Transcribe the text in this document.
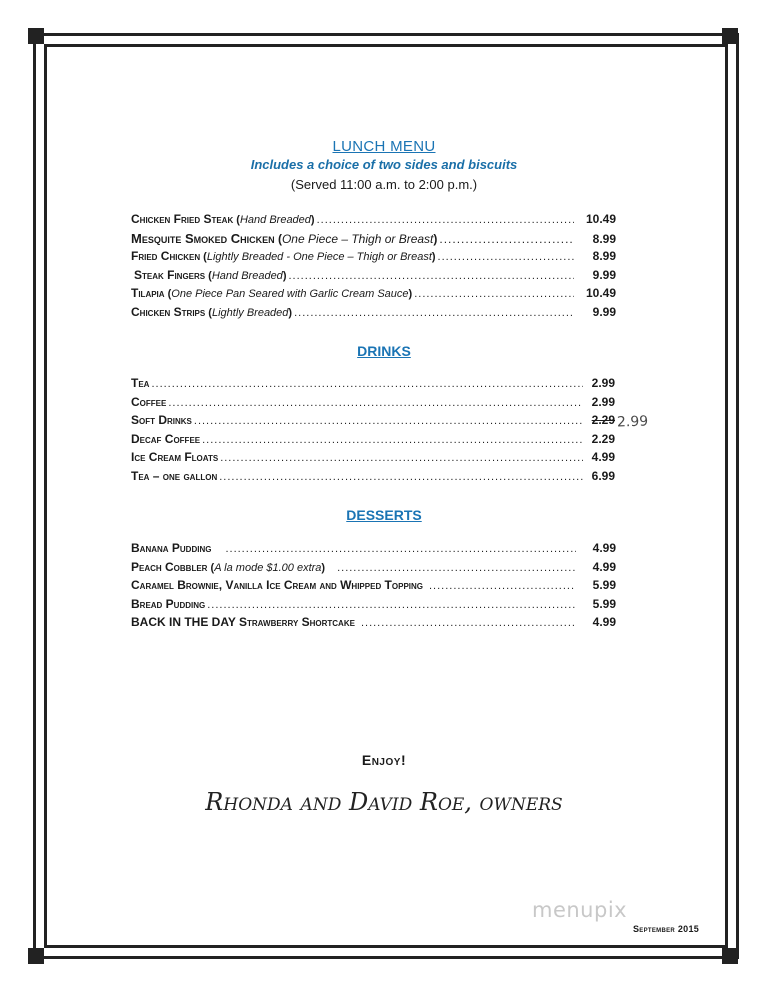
LUNCH MENU
Includes a choice of two sides and biscuits
(Served 11:00 a.m. to 2:00 p.m.)
Chicken Fried Steak ( Hand Breaded ) .....	10.49
Mesquite Smoked Chicken ( One Piece – Thigh or Breast ) .....	8.99
Fried Chicken ( Lightly Breaded - One Piece – Thigh or Breast ) .....	8.99
Steak Fingers ( Hand Breaded ) .....	9.99
Tilapia ( One Piece Pan Seared with Garlic Cream Sauce ) .....	10.49
Chicken Strips ( Lightly Breaded ) .....	9.99
DRINKS
Tea .....	2.99
Coffee .....	2.99
Soft Drinks .....	2.29
Decaf Coffee .....	2.29
Ice Cream Floats .....	4.99
Tea – one gallon .....	6.99
2.99
DESSERTS
Banana Pudding .....	4.99
Peach Cobbler ( A la mode $1.00 extra ) .....	4.99
Caramel Brownie, Vanilla Ice Cream and Whipped Topping .....	5.99
Bread Pudding .....	5.99
BACK IN THE DAY Strawberry Shortcake .....	4.99
Enjoy!
Rhonda and David Roe, owners
menupix
September 2015
